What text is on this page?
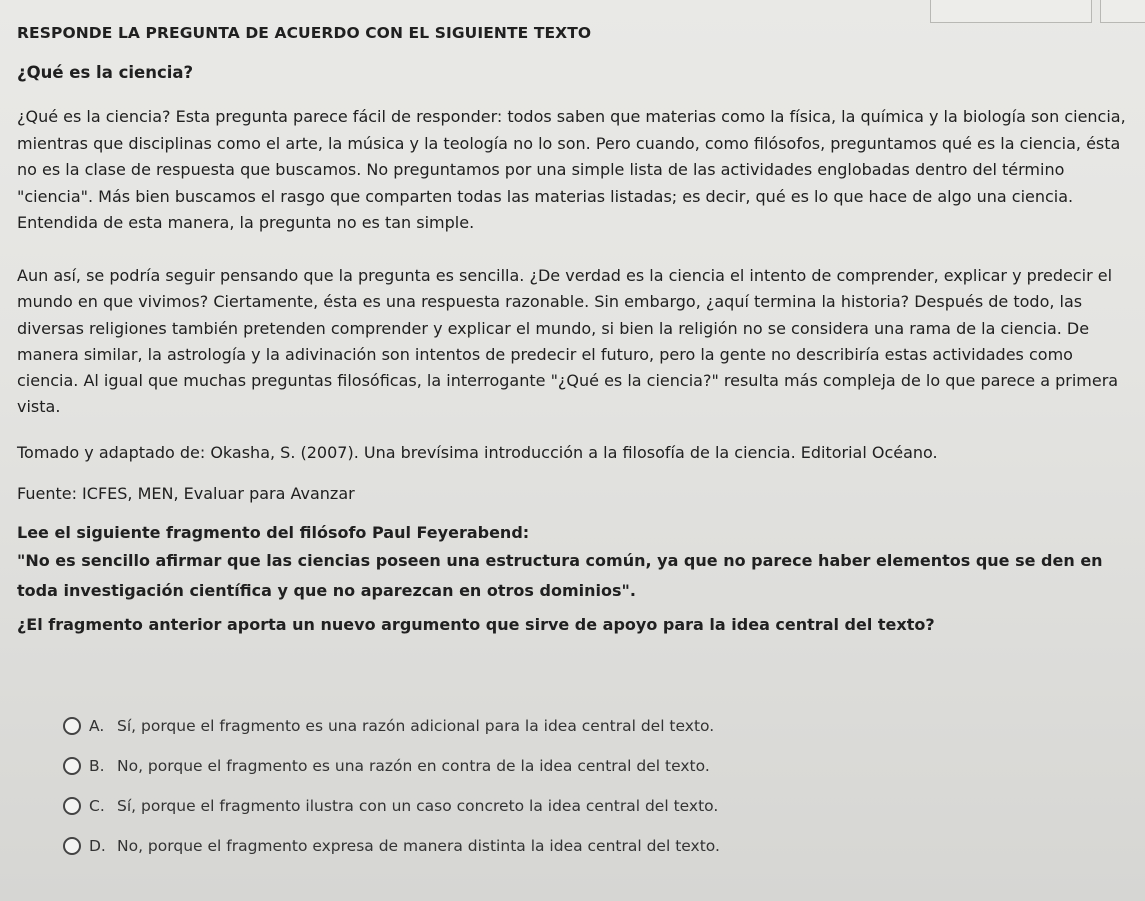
RESPONDE LA PREGUNTA DE ACUERDO CON EL SIGUIENTE TEXTO
¿Qué es la ciencia?
¿Qué es la ciencia? Esta pregunta parece fácil de responder: todos saben que materias como la física, la química y la biología son ciencia, mientras que disciplinas como el arte, la música y la teología no lo son. Pero cuando, como filósofos, preguntamos qué es la ciencia, ésta no es la clase de respuesta que buscamos. No preguntamos por una simple lista de las actividades englobadas dentro del término "ciencia". Más bien buscamos el rasgo que comparten todas las materias listadas; es decir, qué es lo que hace de algo una ciencia. Entendida de esta manera, la pregunta no es tan simple.
Aun así, se podría seguir pensando que la pregunta es sencilla. ¿De verdad es la ciencia el intento de comprender, explicar y predecir el mundo en que vivimos? Ciertamente, ésta es una respuesta razonable. Sin embargo, ¿aquí termina la historia? Después de todo, las diversas religiones también pretenden comprender y explicar el mundo, si bien la religión no se considera una rama de la ciencia. De manera similar, la astrología y la adivinación son intentos de predecir el futuro, pero la gente no describiría estas actividades como ciencia. Al igual que muchas preguntas filosóficas, la interrogante "¿Qué es la ciencia?" resulta más compleja de lo que parece a primera vista.
Tomado y adaptado de: Okasha, S. (2007). Una brevísima introducción a la filosofía de la ciencia. Editorial Océano.
Fuente: ICFES, MEN, Evaluar para Avanzar
Lee el siguiente fragmento del filósofo Paul Feyerabend:
"No es sencillo afirmar que las ciencias poseen una estructura común, ya que no parece haber elementos que se den en toda investigación científica y que no aparezcan en otros dominios".
¿El fragmento anterior aporta un nuevo argumento que sirve de apoyo para la idea central del texto?
A. Sí, porque el fragmento es una razón adicional para la idea central del texto.
B. No, porque el fragmento es una razón en contra de la idea central del texto.
C. Sí, porque el fragmento ilustra con un caso concreto la idea central del texto.
D. No, porque el fragmento expresa de manera distinta la idea central del texto.
